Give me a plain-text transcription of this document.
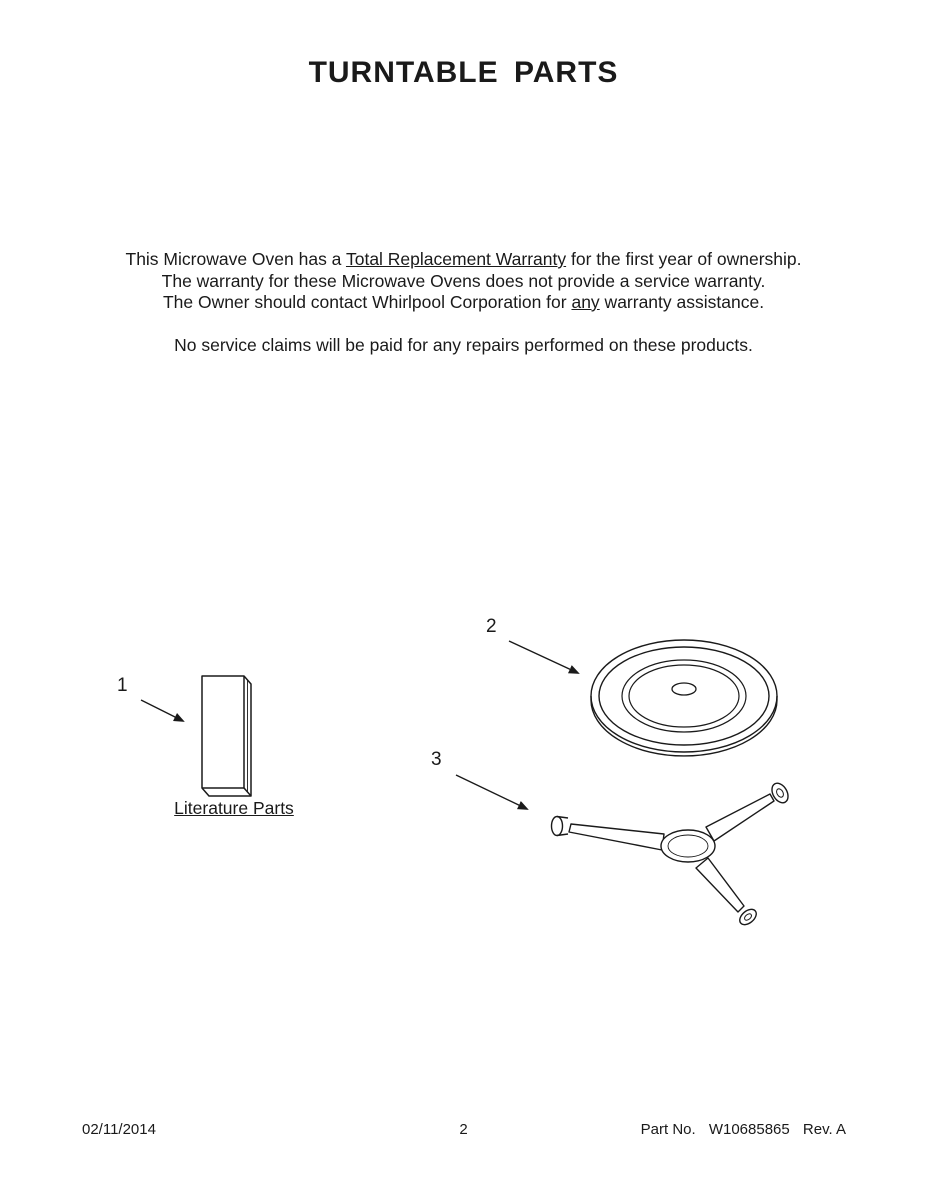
TURNTABLE PARTS

This Microwave Oven has a Total Replacement Warranty for the first year of ownership.

The warranty for these Microwave Ovens does not provide a service warranty.

The Owner should contact Whirlpool Corporation for any warranty assistance.

No service claims will be paid for any repairs performed on these products.

1
2
3
Literature Parts
02/11/2014	2	Part No. W10685865 Rev. A
